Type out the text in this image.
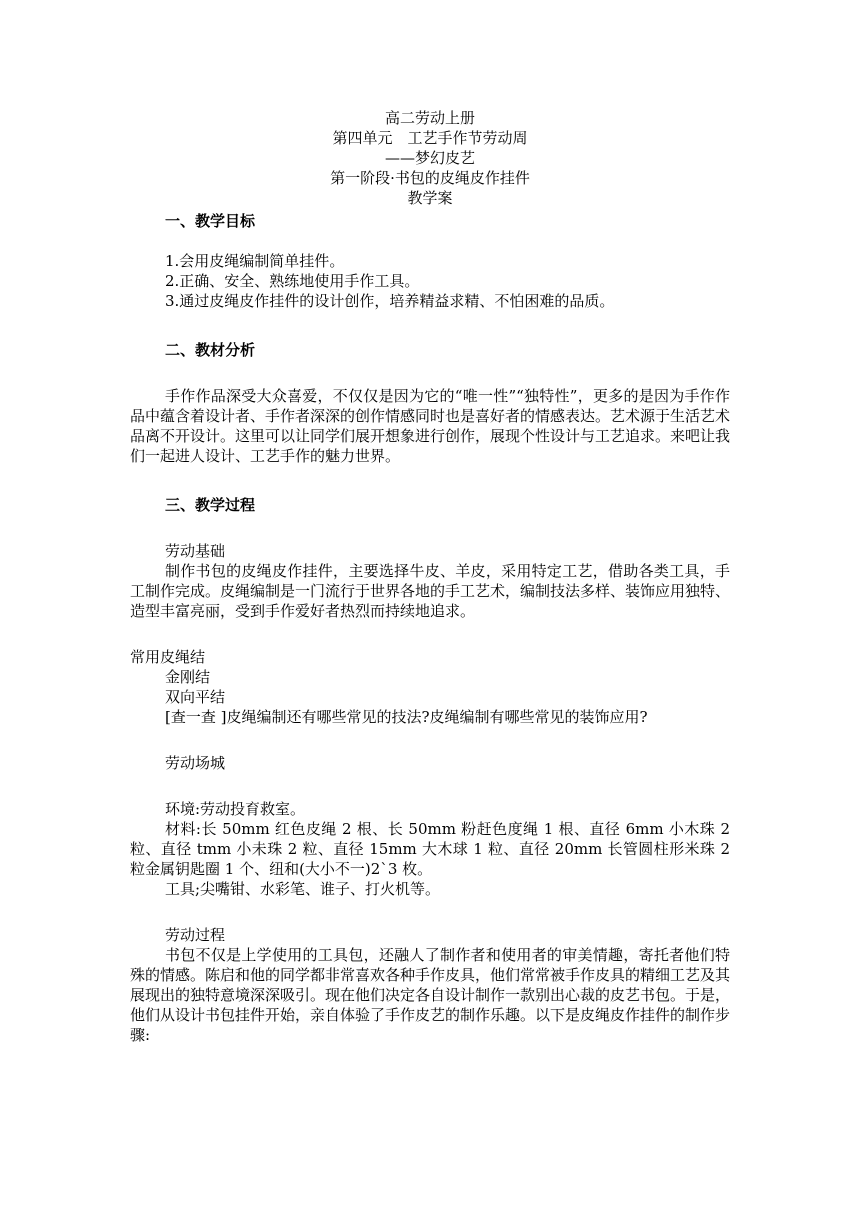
高二劳动上册
第四单元　工艺手作节劳动周
——梦幻皮艺
第一阶段·书包的皮绳皮作挂件
教学案
一、教学目标
1.会用皮绳编制简单挂件。
2.正确、安全、熟练地使用手作工具。
3.通过皮绳皮作挂件的设计创作，培养精益求精、不怕困难的品质。
二、教材分析
手作作品深受大众喜爱，不仅仅是因为它的“唯一性”“独特性”，更多的是因为手作作品中蕴含着设计者、手作者深深的创作情感同时也是喜好者的情感表达。艺术源于生活艺术品离不开设计。这里可以让同学们展开想象进行创作，展现个性设计与工艺追求。来吧让我们一起进人设计、工艺手作的魅力世界。
三、教学过程
劳动基础
制作书包的皮绳皮作挂件，主要选择牛皮、羊皮，采用特定工艺，借助各类工具，手工制作完成。皮绳编制是一门流行于世界各地的手工艺术，编制技法多样、装饰应用独特、造型丰富亮丽，受到手作爱好者热烈而持续地追求。
常用皮绳结
金刚结
双向平结
[查一查 ]皮绳编制还有哪些常见的技法?皮绳编制有哪些常见的装饰应用?
劳动场城
环境:劳动投育救室。
材料:长 50mm 红色皮绳 2 根、长 50mm 粉赶色度绳 1 根、直径 6mm 小木珠 2 粒、直径 tmm 小未珠 2 粒、直径 15mm 大木球 1 粒、直径 20mm 长管圆柱形米珠 2 粒金属钥匙圈 1 个、纽和(大小不一)2`3 枚。
工具;尖嘴钳、水彩笔、谁子、打火机等。
劳动过程
书包不仅是上学使用的工具包，还融人了制作者和使用者的审美情趣，寄托者他们特殊的情感。陈启和他的同学都非常喜欢各种手作皮具，他们常常被手作皮具的精细工艺及其展现出的独特意境深深吸引。现在他们决定各自设计制作一款别出心裁的皮艺书包。于是，他们从设计书包挂件开始，亲自体验了手作皮艺的制作乐趣。以下是皮绳皮作挂件的制作步骤:
